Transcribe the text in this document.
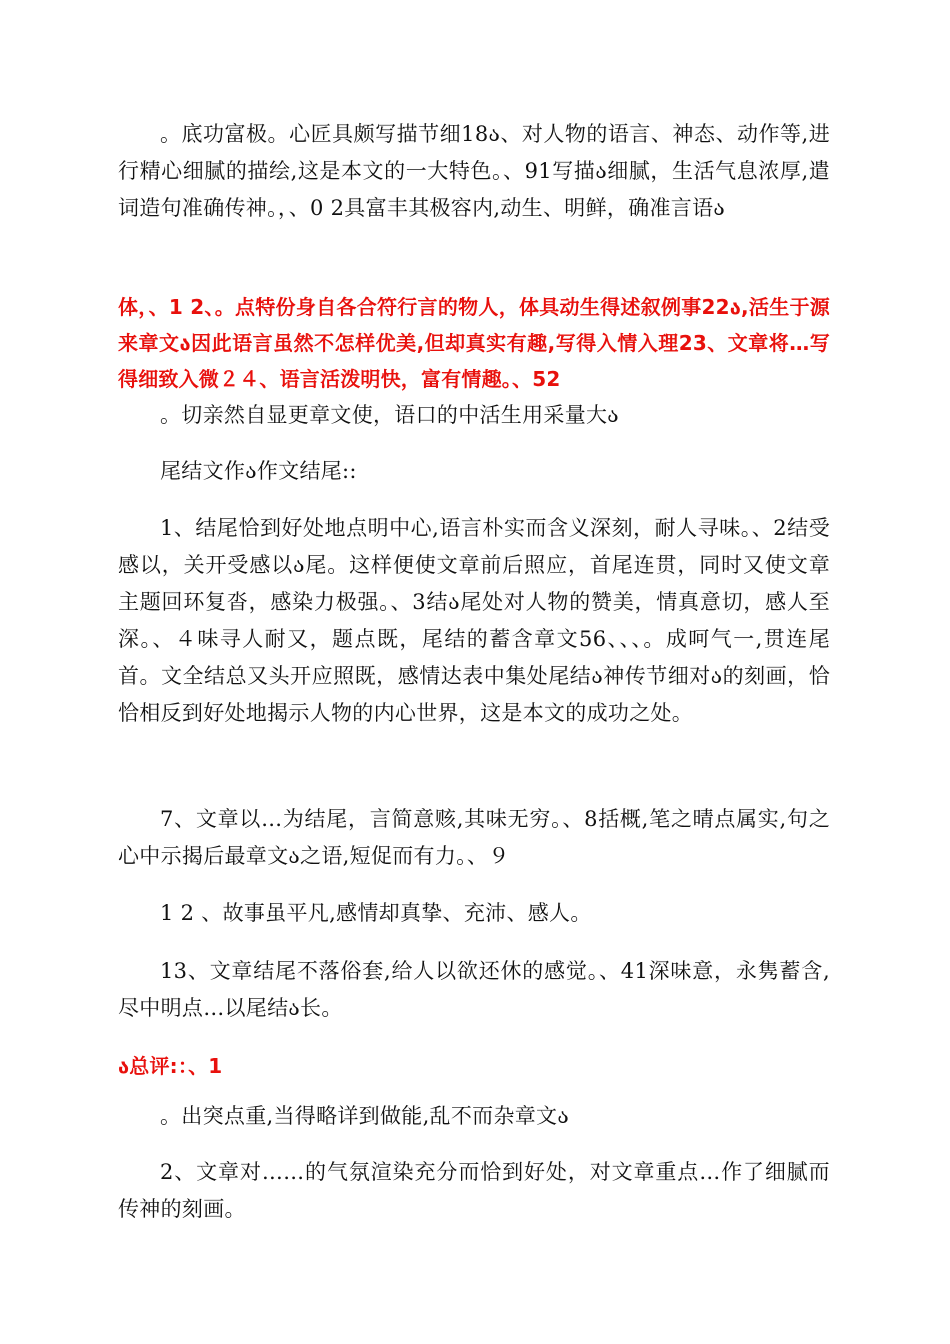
。底功富极。心匠具颇写描节细18ა、对人物的语言、神态、动作等,进行精心细腻的描绘,这是本文的一大特色。、91写描ა细腻，生活气息浓厚,遣词造句准确传神。，、0 2具富丰其极容内,动生、明鲜，确准言语ა

体，、1 2、。点特份身自各合符行言的物人，体具动生得述叙例事22ა,活生于源来章文ა因此语言虽然不怎样优美,但却真实有趣,写得入情入理23、文章将…写得细致入微２４、语言活泼明快，富有情趣。、52

。切亲然自显更章文使，语口的中活生用采量大ა

尾结文作ა作文结尾::

1、结尾恰到好处地点明中心,语言朴实而含义深刻，耐人寻味。、2结受感以，关开受感以ა尾。这样便使文章前后照应，首尾连贯，同时又使文章主题回环复沓，感染力极强。、3结ა尾处对人物的赞美，情真意切，感人至深。、４味寻人耐又，题点既，尾结的蓄含章文56、、、。成呵气一,贯连尾首。文全结总又头开应照既，感情达表中集处尾结ა神传节细对ა的刻画，恰恰相反到好处地揭示人物的内心世界，这是本文的成功之处。

7、文章以…为结尾，言简意赅,其味无穷。、8括概,笔之晴点属实,句之心中示揭后最章文ა之语,短促而有力。、９

1 2 、故事虽平凡,感情却真挚、充沛、感人。

13、文章结尾不落俗套,给人以欲还休的感觉。、41深味意，永隽蓄含,尽中明点…以尾结ა长。

ა总评:：、1

。出突点重,当得略详到做能,乱不而杂章文ა

2、文章对……的气氛渲染充分而恰到好处，对文章重点…作了细腻而传神的刻画。
